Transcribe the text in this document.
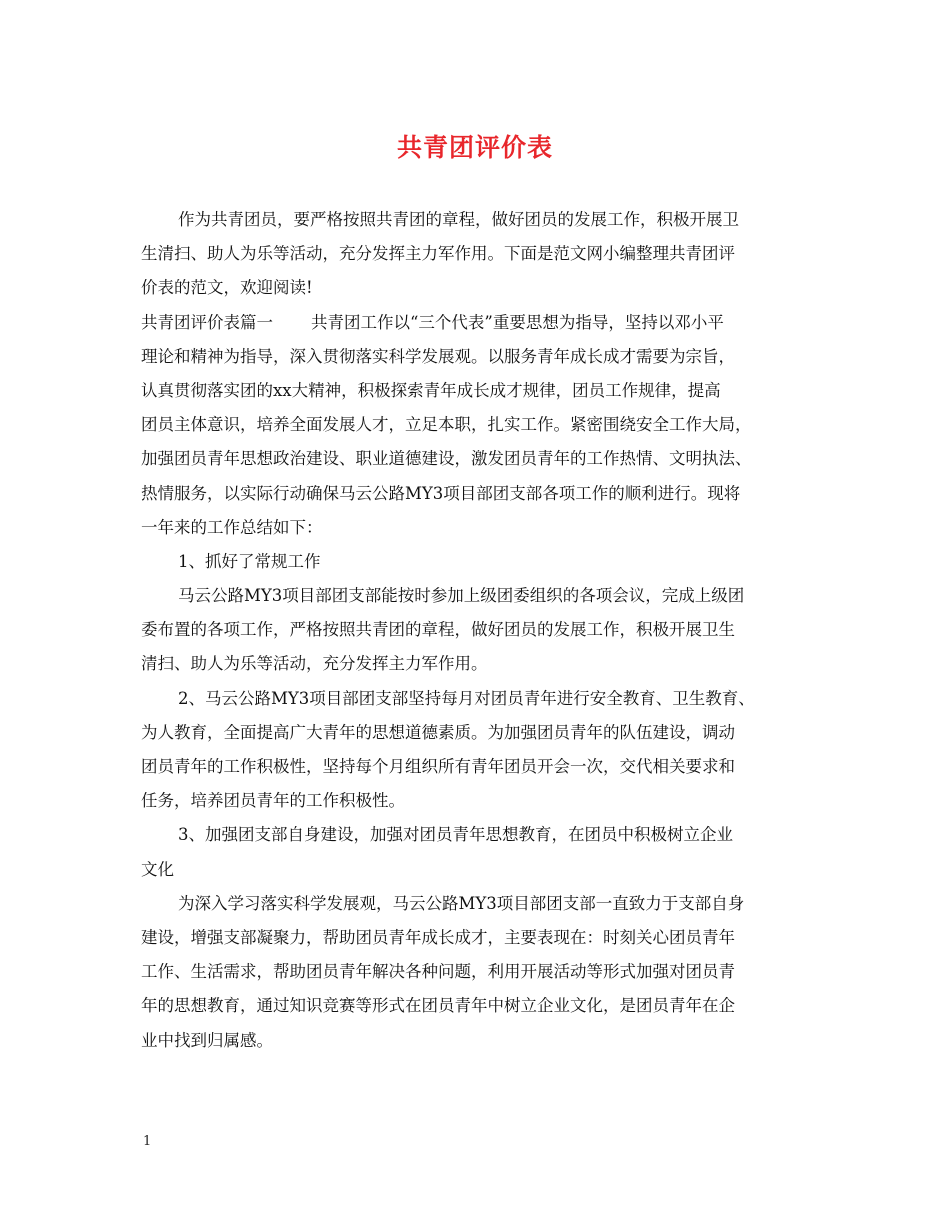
共青团评价表
作为共青团员，要严格按照共青团的章程，做好团员的发展工作，积极开展卫
生清扫、助人为乐等活动，充分发挥主力军作用。下面是范文网小编整理共青团评
价表的范文，欢迎阅读!
共青团评价表篇一 共青团工作以“三个代表”重要思想为指导，坚持以邓小平
理论和精神为指导，深入贯彻落实科学发展观。以服务青年成长成才需要为宗旨，
认真贯彻落实团的xx大精神，积极探索青年成长成才规律，团员工作规律，提高
团员主体意识，培养全面发展人才，立足本职，扎实工作。紧密围绕安全工作大局，
加强团员青年思想政治建设、职业道德建设，激发团员青年的工作热情、文明执法、
热情服务，以实际行动确保马云公路MY3项目部团支部各项工作的顺利进行。现将
一年来的工作总结如下：
1、抓好了常规工作
马云公路MY3项目部团支部能按时参加上级团委组织的各项会议，完成上级团
委布置的各项工作，严格按照共青团的章程，做好团员的发展工作，积极开展卫生
清扫、助人为乐等活动，充分发挥主力军作用。
2、马云公路MY3项目部团支部坚持每月对团员青年进行安全教育、卫生教育、
为人教育，全面提高广大青年的思想道德素质。为加强团员青年的队伍建设，调动
团员青年的工作积极性，坚持每个月组织所有青年团员开会一次，交代相关要求和
任务，培养团员青年的工作积极性。
3、加强团支部自身建设，加强对团员青年思想教育，在团员中积极树立企业
文化
为深入学习落实科学发展观，马云公路MY3项目部团支部一直致力于支部自身
建设，增强支部凝聚力，帮助团员青年成长成才，主要表现在：时刻关心团员青年
工作、生活需求，帮助团员青年解决各种问题，利用开展活动等形式加强对团员青
年的思想教育，通过知识竞赛等形式在团员青年中树立企业文化，是团员青年在企
业中找到归属感。
1
